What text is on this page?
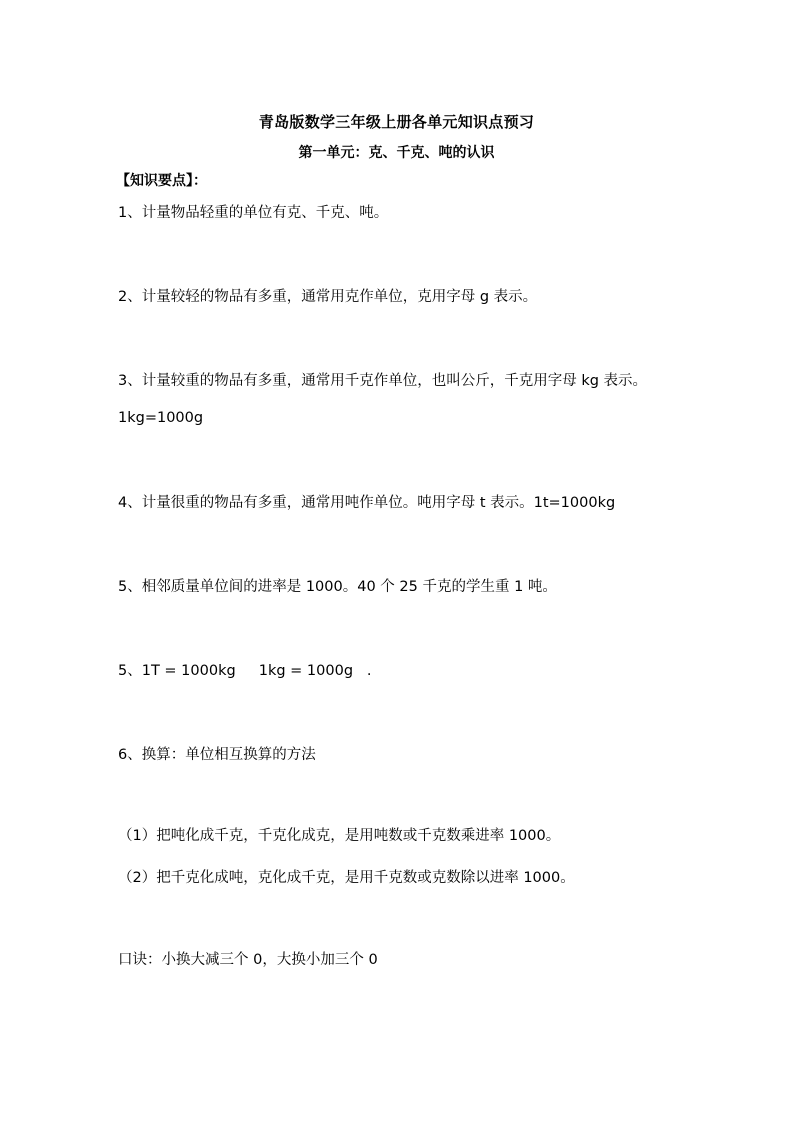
青岛版数学三年级上册各单元知识点预习
第一单元：克、千克、吨的认识
【知识要点】：
1、计量物品轻重的单位有克、千克、吨。
2、计量较轻的物品有多重，通常用克作单位，克用字母 g 表示。
3、计量较重的物品有多重，通常用千克作单位，也叫公斤，千克用字母 kg 表示。
1kg=1000g
4、计量很重的物品有多重，通常用吨作单位。吨用字母 t 表示。1t=1000kg
5、相邻质量单位间的进率是 1000。40 个 25 千克的学生重 1 吨。
5、1T = 1000kg     1kg = 1000g   .
6、换算：单位相互换算的方法
（1）把吨化成千克，千克化成克，是用吨数或千克数乘进率 1000。
（2）把千克化成吨，克化成千克，是用千克数或克数除以进率 1000。
口诀：小换大减三个 0，大换小加三个 0
